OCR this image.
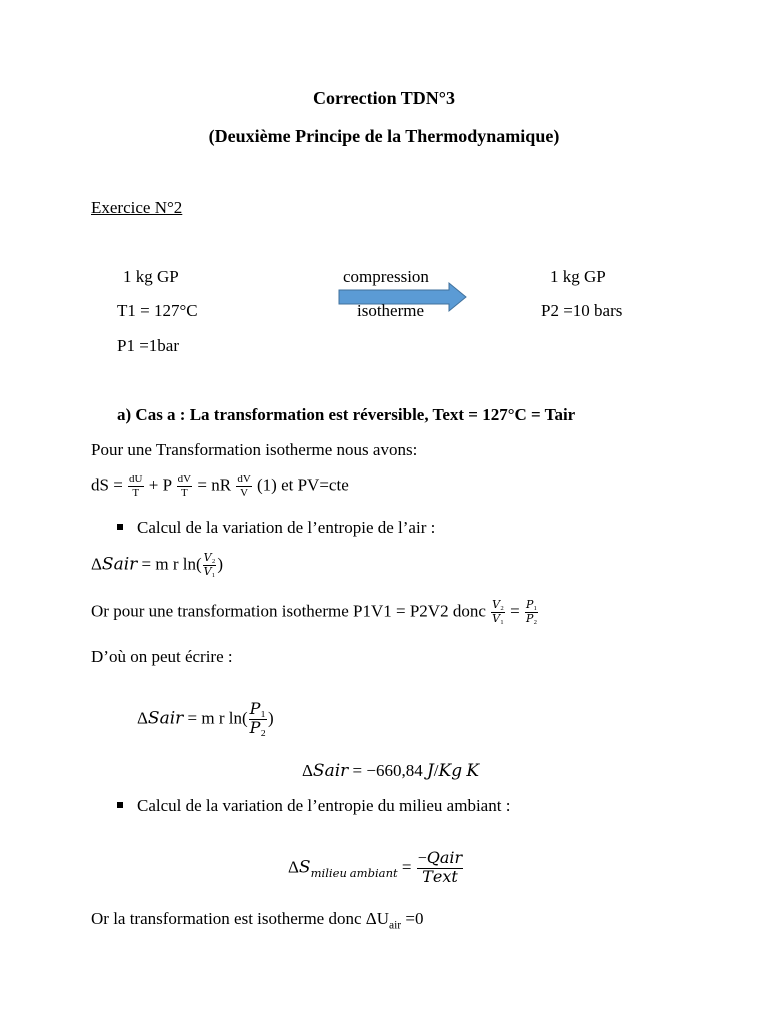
Correction TDN°3
(Deuxième Principe de la Thermodynamique)
Exercice N°2
1 kg GP
T1 = 127°C
P1 =1bar
compression
isotherme
1 kg GP
P2 =10 bars
a) Cas a : La transformation est réversible, Text = 127°C = Tair
Pour une Transformation isotherme nous avons:
dS = $\frac{dU}{T} + P \frac{dV}{T}$ = nR $\frac{dV}{V} (1)$ et PV=cte
Calcul de la variation de l’entropie de l’air :
Δ𝑆𝑎𝑖𝑟 = m r $\ln( \frac{\text{𝑉₂}}{\text{𝑉₁}}$ )
Or pour une transformation isotherme P1V1 = P2V2 donc $\frac{\text{𝑉₂}}{\text{𝑉₁}} = \frac{\text{𝑃₁}}{\text{𝑃₂}}$
D’où on peut écrire :
Δ𝑆𝑎𝑖𝑟 = m r $\ln( \frac{\text{𝑃₁}}{\text{𝑃₂}}$ )
Δ𝑆𝑎𝑖𝑟 = −660,84 𝐽/𝐾𝑔 𝐾
Calcul de la variation de l’entropie du milieu ambiant :
Δ𝑆$_{𝑚𝑖𝑙𝑖𝑒𝑢 𝑎𝑚𝑏𝑖𝑎𝑛𝑡}$ = $\frac{\text{−𝑄𝑎𝑖𝑟}}{\text{𝑇𝑒𝑥𝑡}}$
Or la transformation est isotherme donc $\Delta U_{air} =0$
